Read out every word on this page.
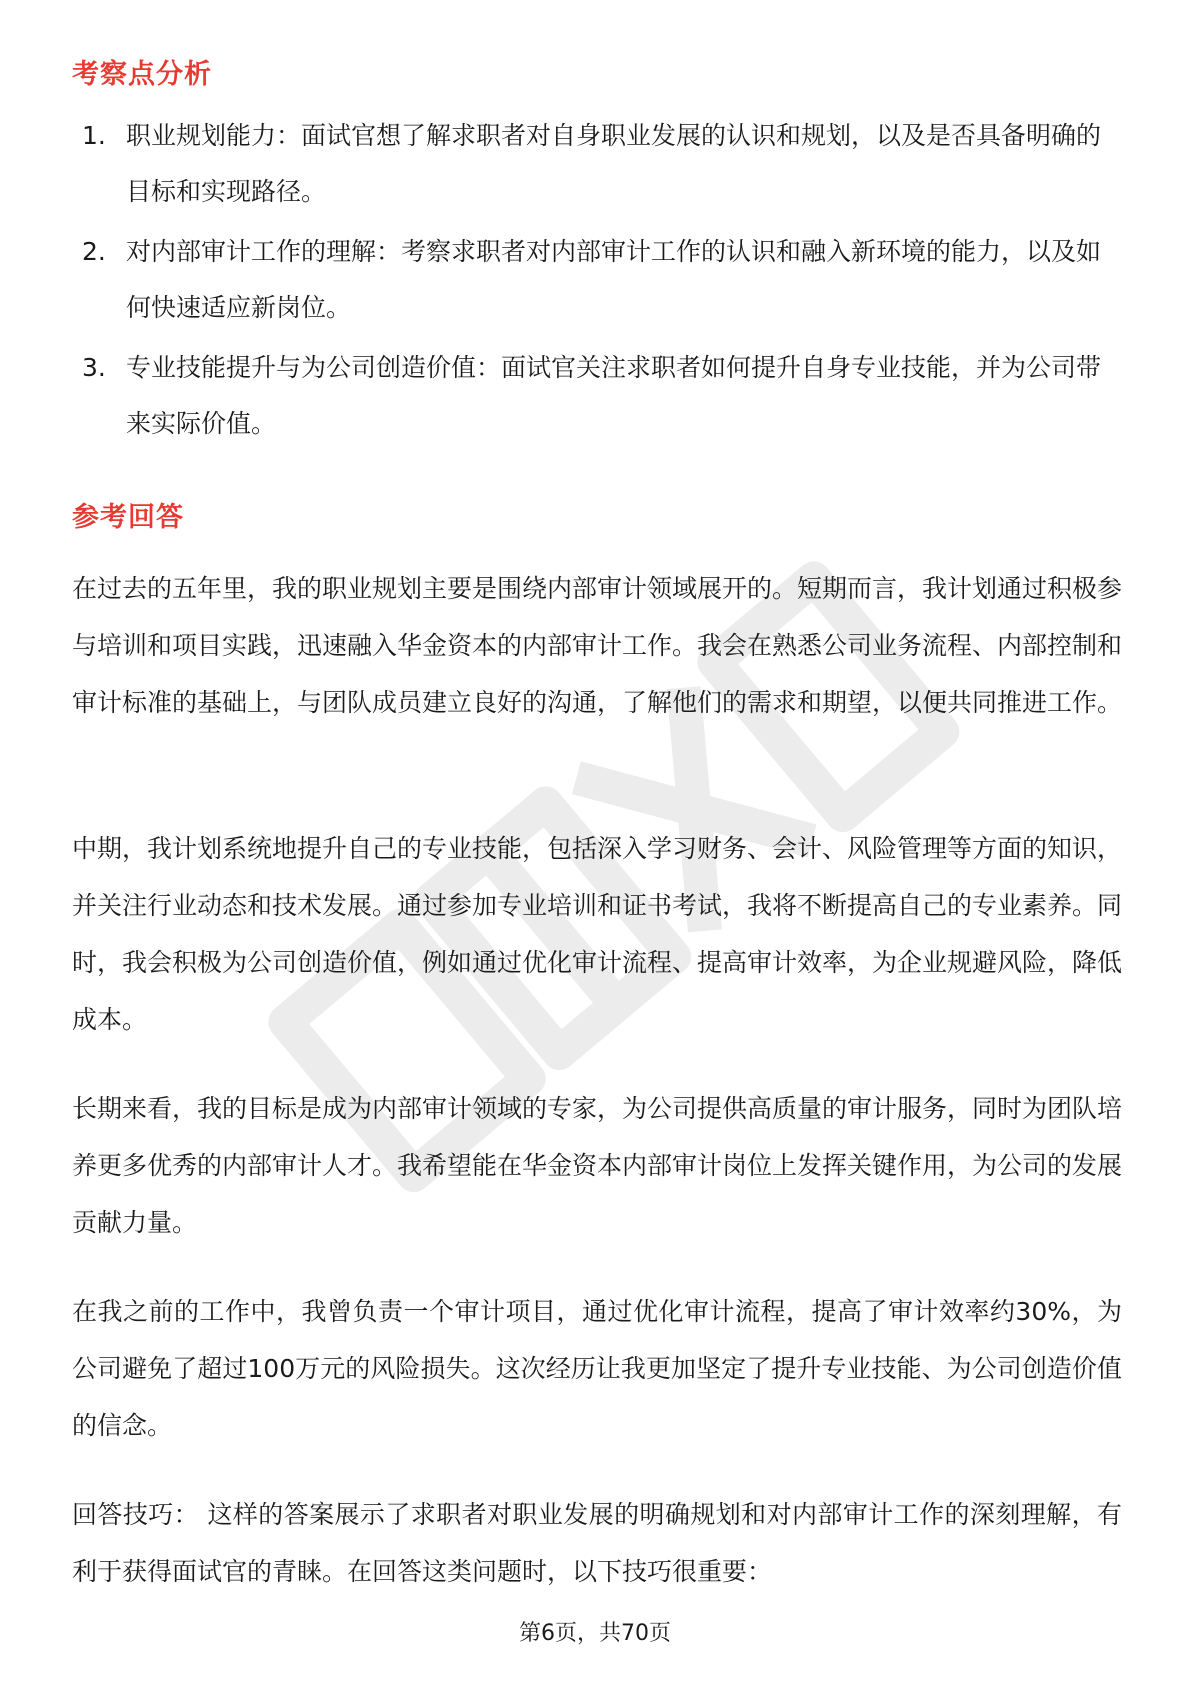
考察点分析
1. 职业规划能力：面试官想了解求职者对自身职业发展的认识和规划，以及是否具备明确的目标和实现路径。
2. 对内部审计工作的理解：考察求职者对内部审计工作的认识和融入新环境的能力，以及如何快速适应新岗位。
3. 专业技能提升与为公司创造价值：面试官关注求职者如何提升自身专业技能，并为公司带来实际价值。
参考回答

在过去的五年里，我的职业规划主要是围绕内部审计领域展开的。短期而言，我计划通过积极参与培训和项目实践，迅速融入华金资本的内部审计工作。我会在熟悉公司业务流程、内部控制和审计标准的基础上，与团队成员建立良好的沟通，了解他们的需求和期望，以便共同推进工作。

中期，我计划系统地提升自己的专业技能，包括深入学习财务、会计、风险管理等方面的知识，并关注行业动态和技术发展。通过参加专业培训和证书考试，我将不断提高自己的专业素养。同时，我会积极为公司创造价值，例如通过优化审计流程、提高审计效率，为企业规避风险，降低成本。

长期来看，我的目标是成为内部审计领域的专家，为公司提供高质量的审计服务，同时为团队培养更多优秀的内部审计人才。我希望能在华金资本内部审计岗位上发挥关键作用，为公司的发展贡献力量。

在我之前的工作中，我曾负责一个审计项目，通过优化审计流程，提高了审计效率约30%，为公司避免了超过100万元的风险损失。这次经历让我更加坚定了提升专业技能、为公司创造价值的信念。

回答技巧： 这样的答案展示了求职者对职业发展的明确规划和对内部审计工作的深刻理解，有利于获得面试官的青睐。在回答这类问题时，以下技巧很重要：

第6页，共70页
